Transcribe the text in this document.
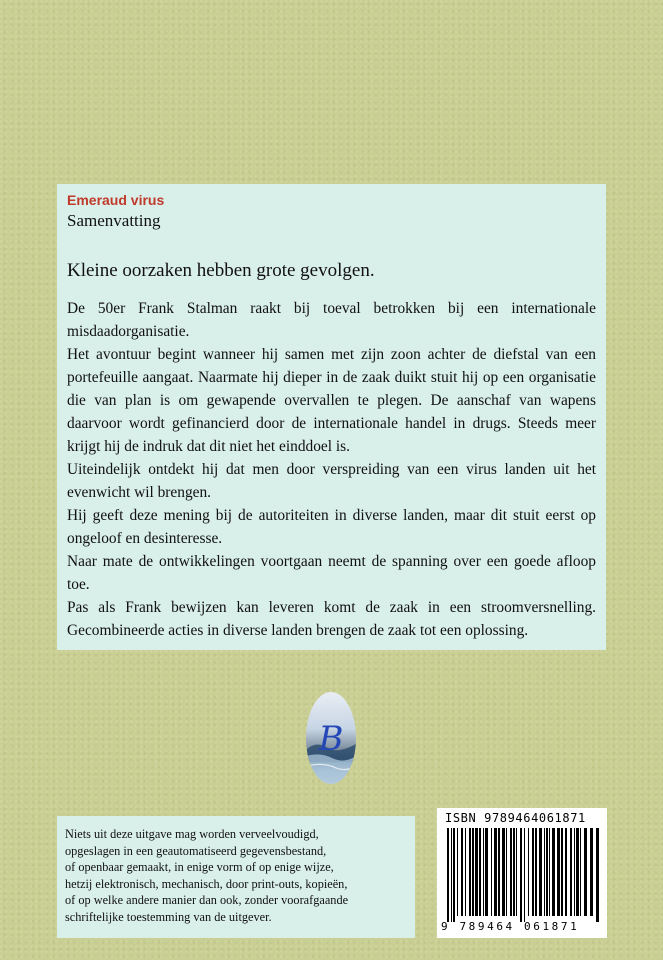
Emeraud virus

Samenvatting

Kleine oorzaken hebben grote gevolgen.

De 50er Frank Stalman raakt bij toeval betrokken bij een internationale misdaadorganisatie.

Het avontuur begint wanneer hij samen met zijn zoon achter de diefstal van een portefeuille aangaat. Naarmate hij dieper in de zaak duikt stuit hij op een organisatie die van plan is om gewapende overvallen te plegen. De aanschaf van wapens daarvoor wordt gefinancierd door de internationale handel in drugs. Steeds meer krijgt hij de indruk dat dit niet het einddoel is.

Uiteindelijk ontdekt hij dat men door verspreiding van een virus landen uit het evenwicht wil brengen.

Hij geeft deze mening bij de autoriteiten in diverse landen, maar dit stuit eerst op ongeloof en desinteresse.

Naar mate de ontwikkelingen voortgaan neemt de spanning over een goede afloop toe.

Pas als Frank bewijzen kan leveren komt de zaak in een stroomversnelling. Gecombineerde acties in diverse landen brengen de zaak tot een oplossing.

B

Niets uit deze uitgave mag worden verveelvoudigd,

opgeslagen in een geautomatiseerd gegevensbestand,

of openbaar gemaakt, in enige vorm of op enige wijze,

hetzij elektronisch, mechanisch, door print-outs, kopieën,

of op welke andere manier dan ook, zonder voorafgaande

schriftelijke toestemming van de uitgever.

ISBN 9789464061871
9 789464 061871
